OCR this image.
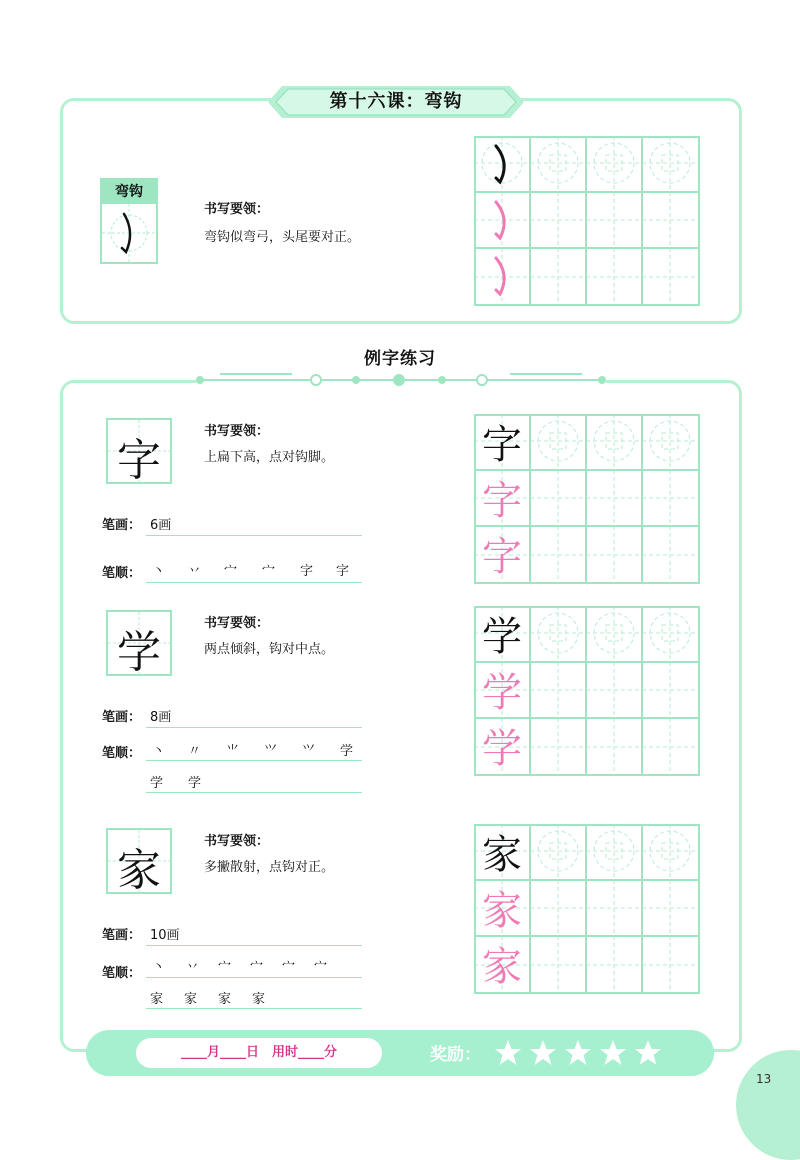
第十六课：弯钩
弯钩
书写要领：
弯钩似弯弓，头尾要对正。
例字练习
字
书写要领：
上扁下高，点对钩脚。
笔画： 6画
笔顺： 丶 丷 宀 宀 字 字
字
字
字
学
书写要领：
两点倾斜，钩对中点。
笔画： 8画
笔顺： 丶 〃 ⺌ ⺍ ⺍ 学
学 学
学
学
学
家
书写要领：
多撇散射，点钩对正。
笔画： 10画
笔顺： 丶 丷 宀 宀 宀 宀
家 家 家 家
家
家
家
____月____日　用时____分	奖励：
13
